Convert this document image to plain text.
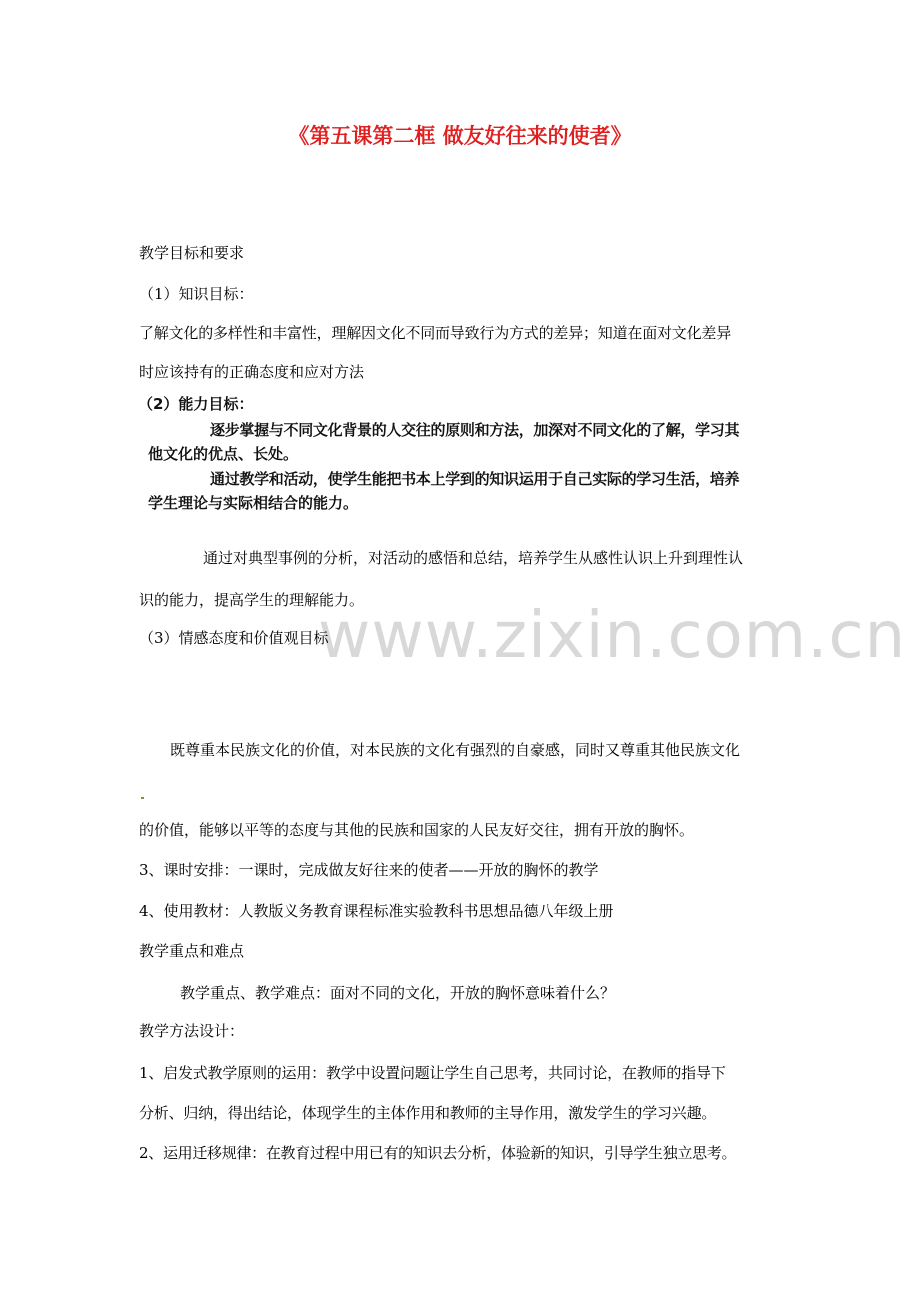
《第五课第二框 做友好往来的使者》
www.zixin.com.cn
教学目标和要求
（1）知识目标：
了解文化的多样性和丰富性，理解因文化不同而导致行为方式的差异；知道在面对文化差异
时应该持有的正确态度和应对方法
（2）能力目标：
逐步掌握与不同文化背景的人交往的原则和方法，加深对不同文化的了解，学习其
他文化的优点、长处。
通过教学和活动，使学生能把书本上学到的知识运用于自己实际的学习生活，培养
学生理论与实际相结合的能力。
通过对典型事例的分析，对活动的感悟和总结，培养学生从感性认识上升到理性认
识的能力，提高学生的理解能力。
（3）情感态度和价值观目标
既尊重本民族文化的价值，对本民族的文化有强烈的自豪感，同时又尊重其他民族文化
的价值，能够以平等的态度与其他的民族和国家的人民友好交往，拥有开放的胸怀。
3、课时安排：一课时，完成做友好往来的使者——开放的胸怀的教学
4、使用教材：人教版义务教育课程标准实验教科书思想品德八年级上册
教学重点和难点
教学重点、教学难点：面对不同的文化，开放的胸怀意味着什么？
教学方法设计：
1、启发式教学原则的运用：教学中设置问题让学生自己思考，共同讨论，在教师的指导下
分析、归纳，得出结论，体现学生的主体作用和教师的主导作用，激发学生的学习兴趣。
2、运用迁移规律：在教育过程中用已有的知识去分析，体验新的知识，引导学生独立思考。
